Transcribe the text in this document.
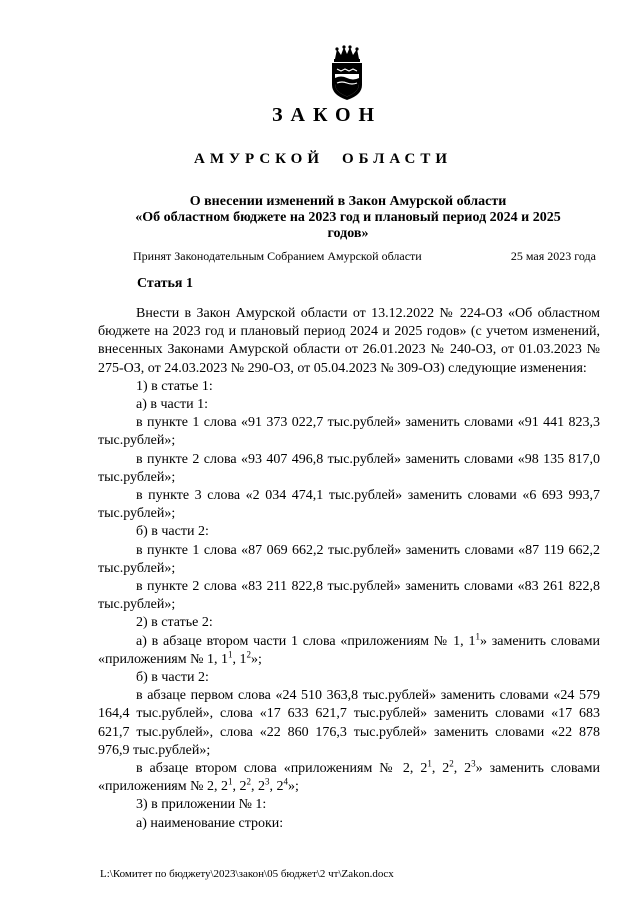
ЗАКОН
АМУРСКОЙ ОБЛАСТИ
О внесении изменений в Закон Амурской области
«Об областном бюджете на 2023 год и плановый период 2024 и 2025
годов»
Принят Законодательным Собранием Амурской области	25 мая 2023 года
Статья 1

Внести в Закон Амурской области от 13.12.2022 № 224-ОЗ «Об областном бюджете на 2023 год и плановый период 2024 и 2025 годов» (с учетом изменений, внесенных Законами Амурской области от 26.01.2023 № 240-ОЗ, от 01.03.2023 № 275-ОЗ, от 24.03.2023 № 290-ОЗ, от 05.04.2023 № 309-ОЗ) следующие изменения:

1) в статье 1:

а) в части 1:

в пункте 1 слова «91 373 022,7 тыс.рублей» заменить словами «91 441 823,3 тыс.рублей»;

в пункте 2 слова «93 407 496,8 тыс.рублей» заменить словами «98 135 817,0 тыс.рублей»;

в пункте 3 слова «2 034 474,1 тыс.рублей» заменить словами «6 693 993,7 тыс.рублей»;

б) в части 2:

в пункте 1 слова «87 069 662,2 тыс.рублей» заменить словами «87 119 662,2 тыс.рублей»;

в пункте 2 слова «83 211 822,8 тыс.рублей» заменить словами «83 261 822,8 тыс.рублей»;

2) в статье 2:

а) в абзаце втором части 1 слова «приложениям № 1, $1^1$» заменить словами «приложениям № 1, $1^1$, $1^2$»;

б) в части 2:

в абзаце первом слова «24 510 363,8 тыс.рублей» заменить словами «24 579 164,4 тыс.рублей», слова «17 633 621,7 тыс.рублей» заменить словами «17 683 621,7 тыс.рублей», слова «22 860 176,3 тыс.рублей» заменить словами «22 878 976,9 тыс.рублей»;

в абзаце втором слова «приложениям № 2, $2^1$, $2^2$, $2^3$» заменить словами «приложениям № 2, $2^1$, $2^2$, $2^3$, $2^4$»;

3) в приложении № 1:

а) наименование строки:

L:\Комитет по бюджету\2023\закон\05 бюджет\2 чт\Zakon.docx
